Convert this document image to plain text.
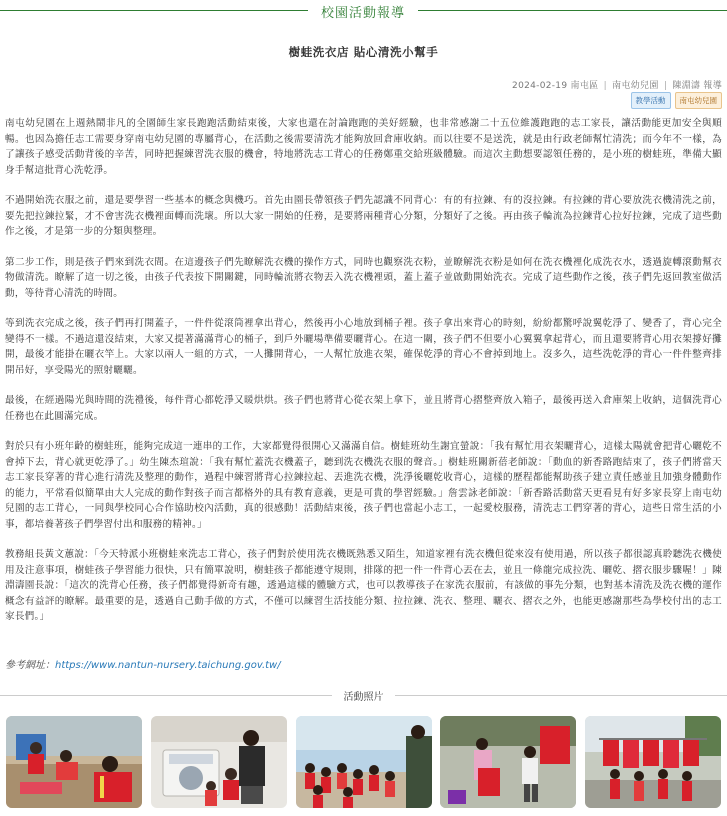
校園活動報導
樹蛙洗衣店 貼心清洗小幫手
2024-02-19 南屯區 | 南屯幼兒園 | 陳淵濤 報導
教學活動	南屯幼兒園

南屯幼兒園在上週熱鬧非凡的全園師生家長跑跑活動結束後，大家也還在討論跑跑的美好經驗，也非常感謝二十五位維護跑跑的志工家長，讓活動能更加安全與順暢。也因為擔任志工需要身穿南屯幼兒園的專屬背心，在活動之後需要清洗才能夠放回倉庫收納。而以往要不是送洗，就是由行政老師幫忙清洗；而今年不一樣，為了讓孩子感受活動背後的辛苦，同時把握練習洗衣服的機會，特地將洗志工背心的任務鄭重交給班級體驗。而這次主動想要認領任務的，是小班的樹蛙班，準備大顯身手幫這批背心洗乾淨。

不過開始洗衣服之前，還是要學習一些基本的概念與機巧。首先由園長帶領孩子們先認識不同背心：有的有拉鍊、有的沒拉鍊。有拉鍊的背心要放洗衣機清洗之前，要先把拉鍊拉緊，才不會害洗衣機裡面轉而洗壞。所以大家一開始的任務，是要將兩種背心分類，分類好了之後。再由孩子輪流為拉鍊背心拉好拉鍊，完成了這些動作之後，才是第一步的分類與整理。

第二步工作，則是孩子們來到洗衣間。在這邊孩子們先瞭解洗衣機的操作方式，同時也觀察洗衣粉，並瞭解洗衣粉是如何在洗衣機裡化成洗衣水，透過旋轉滾動幫衣物做清洗。瞭解了這一切之後，由孩子代表按下開關鍵，同時輪流將衣物丟入洗衣機裡頭，蓋上蓋子並啟動開始洗衣。完成了這些動作之後，孩子們先返回教室做活動，等待背心清洗的時間。

等到洗衣完成之後，孩子們再打開蓋子，一件件從滾筒裡拿出背心，然後再小心地放到桶子裡。孩子拿出來背心的時刻，紛紛都驚呼說翼乾淨了、變香了，背心完全變得不一樣。不過這還沒結束，大家又提著滿滿背心的桶子，到戶外曬場準備要曬背心。在這一關，孩子們不但要小心翼翼拿起背心，而且還要將背心用衣架撐好攤開，最後才能掛在曬衣竿上。大家以兩人一組的方式，一人攤開背心，一人幫忙放進衣架，確保乾淨的背心不會掉到地上。沒多久，這些洗乾淨的背心一件件整齊排開吊好，享受陽光的照射曬曬。

最後，在經過陽光與時間的洗禮後，每件背心都乾淨又暖烘烘。孩子們也將背心從衣架上拿下，並且將背心摺整齊放入箱子，最後再送入倉庫架上收納，這個洗背心任務也在此圓滿完成。

對於只有小班年齡的樹蛙班，能夠完成這一連串的工作，大家都覺得很開心又滿滿自信。樹蛙班幼生謝宜螢說：「我有幫忙用衣架曬背心，這樣太陽就會把背心曬乾不會掉下去，背心就更乾淨了。」幼生陳杰瑄說：「我有幫忙蓋洗衣機蓋子，聽到洗衣機洗衣服的聲音。」樹蛙班關新蓓老師說：「動血的新香路跑結束了，孩子們將當天志工家長穿著的背心進行清洗及整理的動作，過程中練習將背心拉鍊拉起、丟進洗衣機，洗淨後曬乾收背心，這樣的歷程都能幫助孩子建立責任感並且加強身體動作的能力，平常看似簡單由大人完成的動作對孩子而言都格外的具有教育意義，更是可貴的學習經驗。」詹雲詠老師說：「新香路活動當天更看見有好多家長穿上南屯幼兒園的志工背心，一同與學校同心合作協助校內活動，真的很感動！活動結束後，孩子們也當起小志工，一起愛校服務，清洗志工們穿著的背心，這些日常生活的小事，都培養著孩子們學習付出和服務的精神。」

教務組長黃文蕙說：「今天特派小班樹蛙來洗志工背心，孩子們對於使用洗衣機既熟悉又陌生，知道家裡有洗衣機但從來沒有使用過，所以孩子都很認真聆聽洗衣機使用及注意事項，樹蛙孩子學習能力很快，只有簡單說明，樹蛙孩子都能遵守規則，排隊的把一件一件背心丟在去，並且一條龍完成拉洗、曬乾、摺衣服步驟喔！」陳淵濤園長說：「這次的洗背心任務，孩子們都覺得新奇有趣，透過這樣的體驗方式，也可以教導孩子在家洗衣服前，有該做的事先分類，也對基本清洗及洗衣機的運作概念有益評的瞭解。最重要的是，透過自己動手做的方式，不僅可以練習生活技能分類、拉拉鍊、洗衣、整理、曬衣、摺衣之外，也能更感謝那些為學校付出的志工家長們。」

參考網址：https://www.nantun-nursery.taichung.gov.tw/
活動照片
